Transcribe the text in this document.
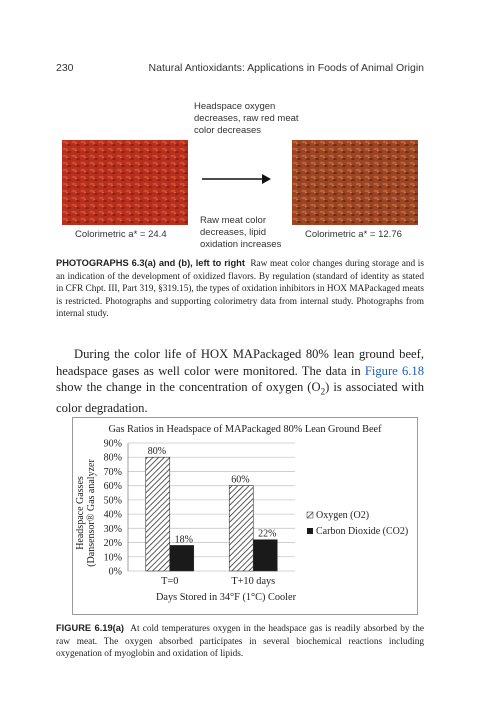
230	Natural Antioxidants: Applications in Foods of Animal Origin
Headspace oxygen
decreases, raw red meat
color decreases
Colorimetric a* = 24.4
Raw meat color
decreases, lipid
oxidation increases
Colorimetric a* = 12.76
PHOTOGRAPHS 6.3(a) and (b), left to right Raw meat color changes during storage and is an indication of the development of oxidized flavors. By regulation (standard of identity as stated in CFR Chpt. III, Part 319, §319.15), the types of oxidation inhibitors in HOX MAPackaged meats is restricted. Photographs and supporting colorimetry data from internal study. Photographs from internal study.
During the color life of HOX MAPackaged 80% lean ground beef, headspace gases as well color were monitored. The data in Figure 6.18 show the change in the concentration of oxygen $(O_2)$ is associated with color degradation.
Gas Ratios in Headspace of MAPackaged 80% Lean Ground Beef
0%
10%
20%
30%
40%
50%
60%
70%
80%
90%
80%
18%
60%
22%
T=0	T+10 days
Headspace Gasses (Dansensor® Gas analyzer
Days Stored in 34°F (1°C) Cooler
Oxygen (O2)
Carbon Dioxide (CO2)
FIGURE 6.19(a) At cold temperatures oxygen in the headspace gas is readily absorbed by the raw meat. The oxygen absorbed participates in several biochemical reactions including oxygenation of myoglobin and oxidation of lipids.
